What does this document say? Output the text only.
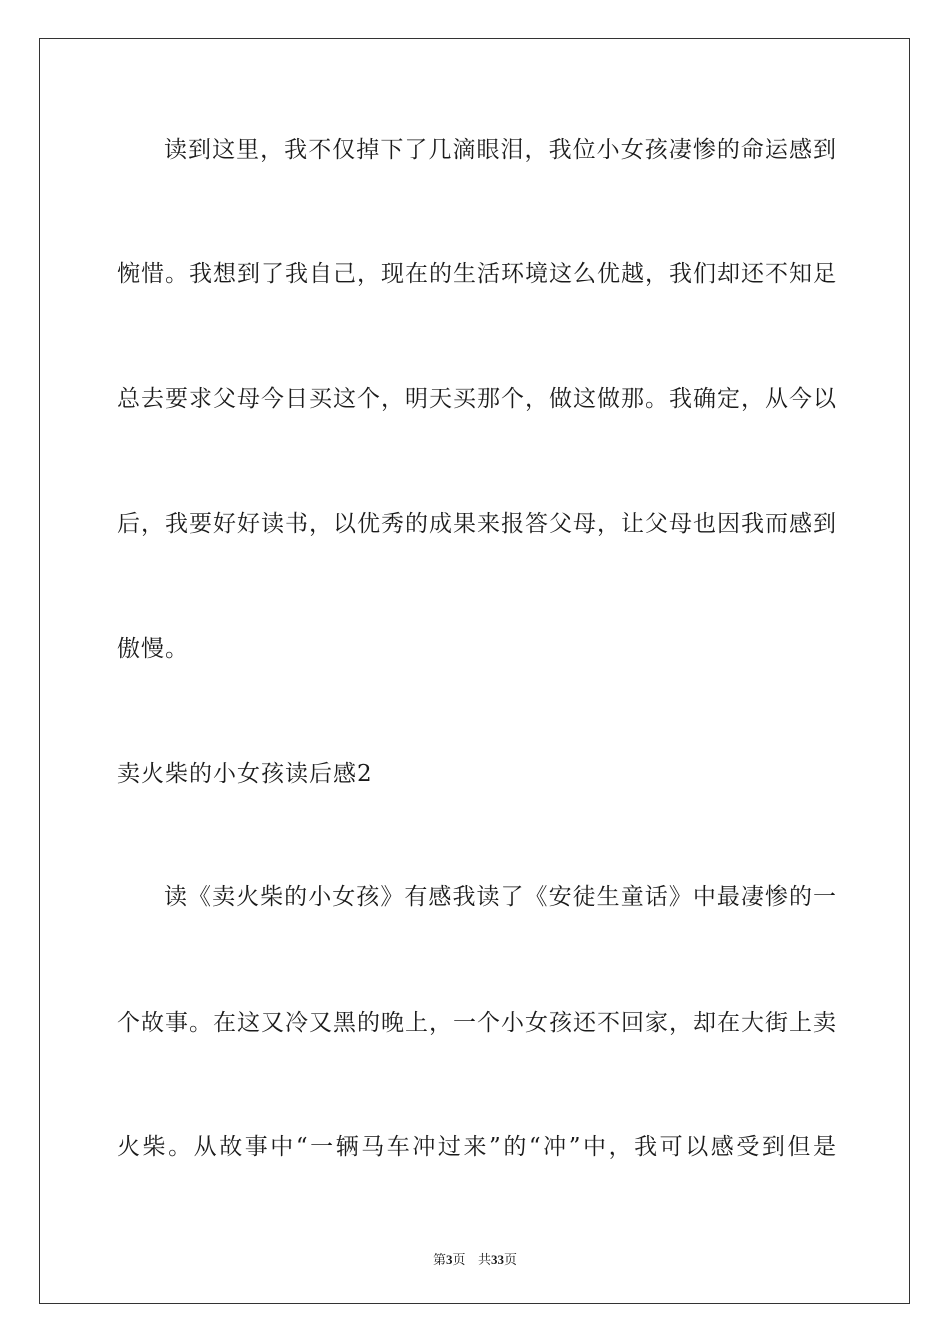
读到这里，我不仅掉下了几滴眼泪，我位小女孩凄惨的命运感到
惋惜。我想到了我自己，现在的生活环境这么优越，我们却还不知足
总去要求父母今日买这个，明天买那个，做这做那。我确定，从今以
后，我要好好读书，以优秀的成果来报答父母，让父母也因我而感到
傲慢。
卖火柴的小女孩读后感2
读《卖火柴的小女孩》有感我读了《安徒生童话》中最凄惨的一
个故事。在这又冷又黑的晚上，一个小女孩还不回家，却在大街上卖
火柴。从故事中“一辆马车冲过来”的“冲”中，我可以感受到但是
第3页 共33页
